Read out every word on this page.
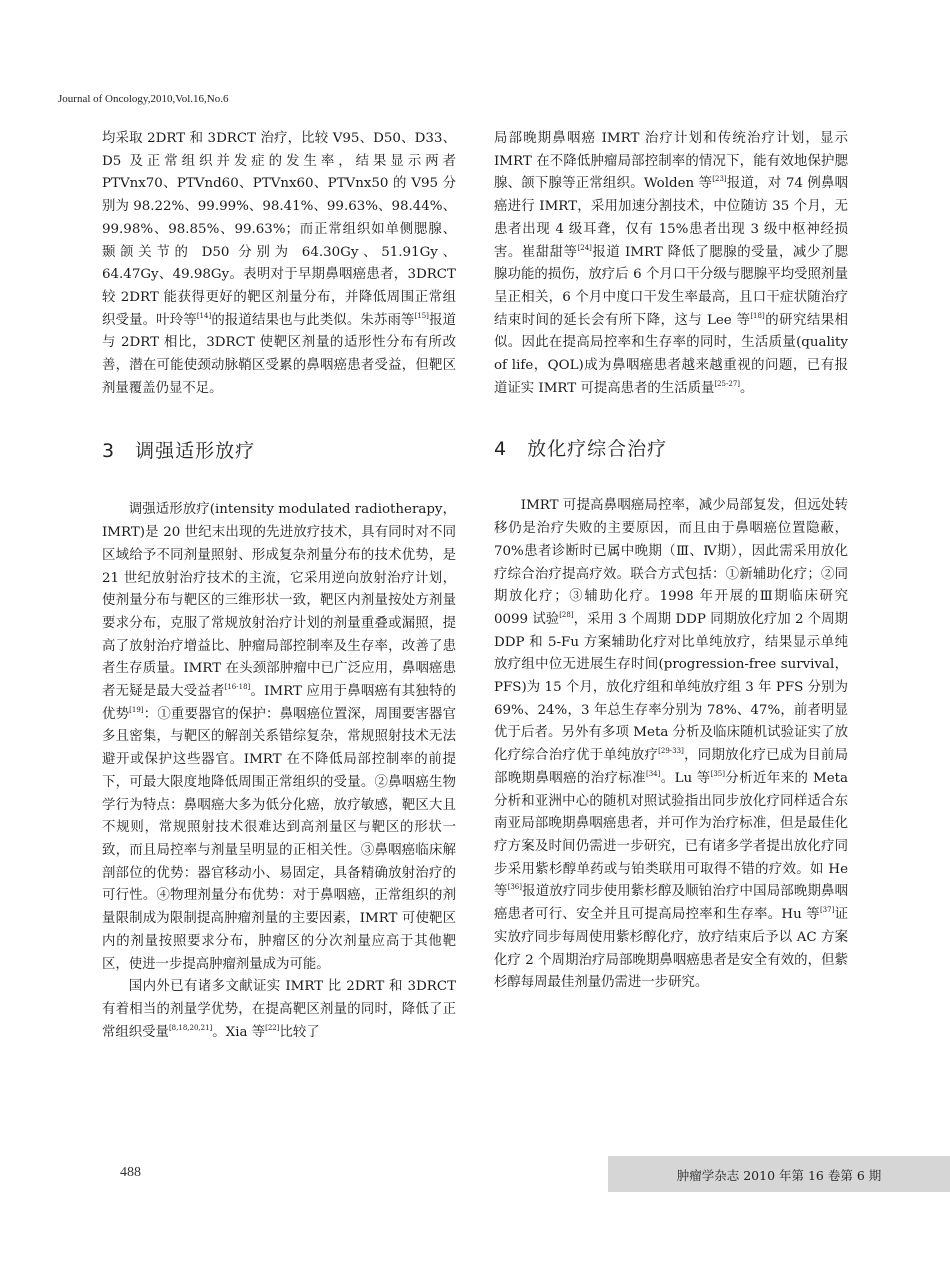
Journal of Oncology,2010,Vol.16,No.6

均采取 2DRT 和 3DRCT 治疗，比较 V95、D50、D33、D5 及正常组织并发症的发生率，结果显示两者 PTVnx70、PTVnd60、PTVnx60、PTVnx50 的 V95 分别为 98.22%、99.99%、98.41%、99.63%、98.44%、99.98%、98.85%、99.63%；而正常组织如单侧腮腺、颞颌关节的 D50 分别为 64.30Gy、51.91Gy、64.47Gy、49.98Gy。表明对于早期鼻咽癌患者，3DRCT 较 2DRT 能获得更好的靶区剂量分布，并降低周围正常组织受量。叶玲等[14]的报道结果也与此类似。朱苏雨等[15]报道与 2DRT 相比，3DRCT 使靶区剂量的适形性分布有所改善，潜在可能使颈动脉鞘区受累的鼻咽癌患者受益，但靶区剂量覆盖仍显不足。

3　调强适形放疗

调强适形放疗(intensity modulated radiotherapy，IMRT)是 20 世纪末出现的先进放疗技术，具有同时对不同区域给予不同剂量照射、形成复杂剂量分布的技术优势，是 21 世纪放射治疗技术的主流，它采用逆向放射治疗计划，使剂量分布与靶区的三维形状一致，靶区内剂量按处方剂量要求分布，克服了常规放射治疗计划的剂量重叠或漏照，提高了放射治疗增益比、肿瘤局部控制率及生存率，改善了患者生存质量。IMRT 在头颈部肿瘤中已广泛应用，鼻咽癌患者无疑是最大受益者[16-18]。IMRT 应用于鼻咽癌有其独特的优势[19]：①重要器官的保护：鼻咽癌位置深，周围要害器官多且密集，与靶区的解剖关系错综复杂，常规照射技术无法避开或保护这些器官。IMRT 在不降低局部控制率的前提下，可最大限度地降低周围正常组织的受量。②鼻咽癌生物学行为特点：鼻咽癌大多为低分化癌，放疗敏感，靶区大且不规则，常规照射技术很难达到高剂量区与靶区的形状一致，而且局控率与剂量呈明显的正相关性。③鼻咽癌临床解剖部位的优势：器官移动小、易固定，具备精确放射治疗的可行性。④物理剂量分布优势：对于鼻咽癌，正常组织的剂量限制成为限制提高肿瘤剂量的主要因素，IMRT 可使靶区内的剂量按照要求分布，肿瘤区的分次剂量应高于其他靶区，使进一步提高肿瘤剂量成为可能。

国内外已有诸多文献证实 IMRT 比 2DRT 和 3DRCT 有着相当的剂量学优势，在提高靶区剂量的同时，降低了正常组织受量[8,18,20,21]。Xia 等[22]比较了

局部晚期鼻咽癌 IMRT 治疗计划和传统治疗计划，显示 IMRT 在不降低肿瘤局部控制率的情况下，能有效地保护腮腺、颌下腺等正常组织。Wolden 等[23]报道，对 74 例鼻咽癌进行 IMRT，采用加速分割技术，中位随访 35 个月，无患者出现 4 级耳聋，仅有 15%患者出现 3 级中枢神经损害。崔甜甜等[24]报道 IMRT 降低了腮腺的受量，减少了腮腺功能的损伤，放疗后 6 个月口干分级与腮腺平均受照剂量呈正相关，6 个月中度口干发生率最高，且口干症状随治疗结束时间的延长会有所下降，这与 Lee 等[18]的研究结果相似。因此在提高局控率和生存率的同时，生活质量(quality of life，QOL)成为鼻咽癌患者越来越重视的问题，已有报道证实 IMRT 可提高患者的生活质量[25-27]。

4　放化疗综合治疗

IMRT 可提高鼻咽癌局控率，减少局部复发，但远处转移仍是治疗失败的主要原因，而且由于鼻咽癌位置隐蔽，70%患者诊断时已属中晚期（Ⅲ、Ⅳ期），因此需采用放化疗综合治疗提高疗效。联合方式包括：①新辅助化疗；②同期放化疗；③辅助化疗。1998 年开展的Ⅲ期临床研究 0099 试验[28]，采用 3 个周期 DDP 同期放化疗加 2 个周期 DDP 和 5-Fu 方案辅助化疗对比单纯放疗，结果显示单纯放疗组中位无进展生存时间(progression-free survival，PFS)为 15 个月，放化疗组和单纯放疗组 3 年 PFS 分别为 69%、24%，3 年总生存率分别为 78%、47%，前者明显优于后者。另外有多项 Meta 分析及临床随机试验证实了放化疗综合治疗优于单纯放疗[29-33]，同期放化疗已成为目前局部晚期鼻咽癌的治疗标准[34]。Lu 等[35]分析近年来的 Meta 分析和亚洲中心的随机对照试验指出同步放化疗同样适合东南亚局部晚期鼻咽癌患者，并可作为治疗标准，但是最佳化疗方案及时间仍需进一步研究，已有诸多学者提出放化疗同步采用紫杉醇单药或与铂类联用可取得不错的疗效。如 He 等[36]报道放疗同步使用紫杉醇及顺铂治疗中国局部晚期鼻咽癌患者可行、安全并且可提高局控率和生存率。Hu 等[37]证实放疗同步每周使用紫杉醇化疗，放疗结束后予以 AC 方案化疗 2 个周期治疗局部晚期鼻咽癌患者是安全有效的，但紫杉醇每周最佳剂量仍需进一步研究。

488	肿瘤学杂志 2010 年第 16 卷第 6 期
